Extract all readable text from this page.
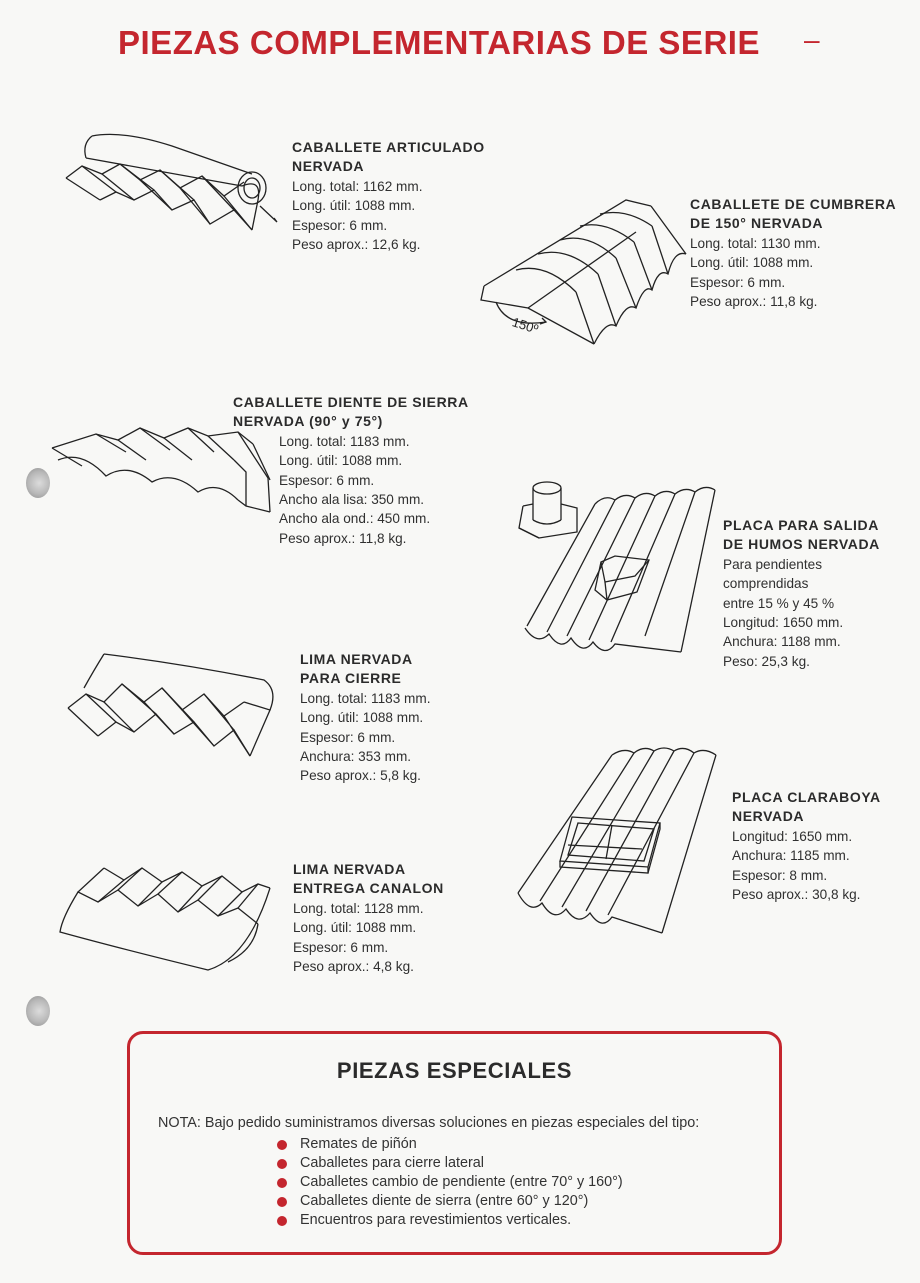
PIEZAS COMPLEMENTARIAS DE SERIE –
CABALLETE ARTICULADO
NERVADA
Long. total: 1162 mm.
Long. útil: 1088 mm.
Espesor: 6 mm.
Peso aprox.: 12,6 kg.
150º
CABALLETE DE CUMBRERA
DE 150° NERVADA
Long. total: 1130 mm.
Long. útil: 1088 mm.
Espesor: 6 mm.
Peso aprox.: 11,8 kg.
CABALLETE DIENTE DE SIERRA
NERVADA (90° y 75°)
Long. total: 1183 mm.
Long. útil: 1088 mm.
Espesor: 6 mm.
Ancho ala lisa: 350 mm.
Ancho ala ond.: 450 mm.
Peso aprox.: 11,8 kg.
PLACA PARA SALIDA
DE HUMOS NERVADA
Para pendientes
comprendidas
entre 15 % y 45 %
Longitud: 1650 mm.
Anchura: 1188 mm.
Peso: 25,3 kg.
LIMA NERVADA
PARA CIERRE
Long. total: 1183 mm.
Long. útil: 1088 mm.
Espesor: 6 mm.
Anchura: 353 mm.
Peso aprox.: 5,8 kg.
PLACA CLARABOYA
NERVADA
Longitud: 1650 mm.
Anchura: 1185 mm.
Espesor: 8 mm.
Peso aprox.: 30,8 kg.
LIMA NERVADA
ENTREGA CANALON
Long. total: 1128 mm.
Long. útil: 1088 mm.
Espesor: 6 mm.
Peso aprox.: 4,8 kg.
PIEZAS ESPECIALES
NOTA: Bajo pedido suministramos diversas soluciones en piezas especiales del tipo:
Remates de piñón
Caballetes para cierre lateral
Caballetes cambio de pendiente (entre 70° y 160°)
Caballetes diente de sierra (entre 60° y 120°)
Encuentros para revestimientos verticales.
